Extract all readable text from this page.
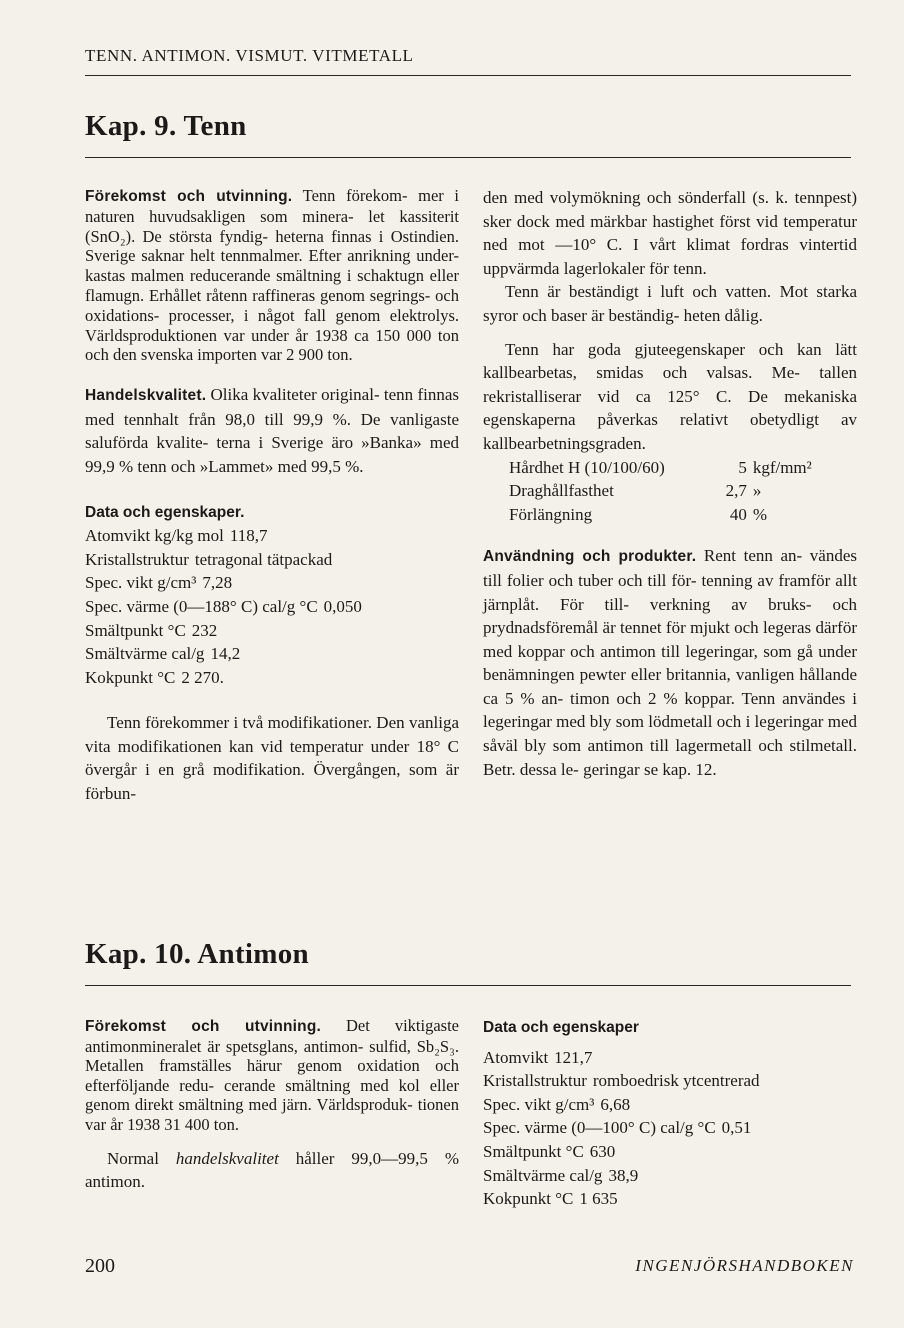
TENN. ANTIMON. VISMUT. VITMETALL
Kap. 9. Tenn

Förekomst och utvinning. Tenn förekom- mer i naturen huvudsakligen som minera- let kassiterit (SnO₂). De största fyndig- heterna finnas i Ostindien. Sverige saknar helt tennmalmer. Efter anrikning under- kastas malmen reducerande smältning i schaktugn eller flamugn. Erhållet råtenn raffineras genom segrings- och oxidations- processer, i något fall genom elektrolys. Världsproduktionen var under år 1938 ca 150 000 ton och den svenska importen var 2 900 ton.

Handelskvalitet. Olika kvaliteter original- tenn finnas med tennhalt från 98,0 till 99,9 %. De vanligaste saluförda kvalite- terna i Sverige äro »Banka» med 99,9 % tenn och »Lammet» med 99,5 %.

Data och egenskaper.

Atomvikt kg/kg mol 118,7

Kristallstruktur tetragonal tätpackad

Spec. vikt g/cm³ 7,28

Spec. värme (0—188° C) cal/g °C 0,050

Smältpunkt °C 232

Smältvärme cal/g 14,2

Kokpunkt °C 2 270.

Tenn förekommer i två modifikationer. Den vanliga vita modifikationen kan vid temperatur under 18° C övergår i en grå modifikation. Övergången, som är förbun-

den med volymökning och sönderfall (s. k. tennpest) sker dock med märkbar hastighet först vid temperatur ned mot —10° C. I vårt klimat fordras vintertid uppvärmda lagerlokaler för tenn.

Tenn är beständigt i luft och vatten. Mot starka syror och baser är beständig- heten dålig.

Tenn har goda gjuteegenskaper och kan lätt kallbearbetas, smidas och valsas. Me- tallen rekristalliserar vid ca 125° C. De mekaniska egenskaperna påverkas relativt obetydligt av kallbearbetningsgraden.

Hårdhet H (10/100/60)	5	kgf/mm²
Draghållfasthet	2,7	»
Förlängning	40	%

Användning och produkter. Rent tenn an- vändes till folier och tuber och till för- tenning av framför allt järnplåt. För till- verkning av bruks- och prydnadsföremål är tennet för mjukt och legeras därför med koppar och antimon till legeringar, som gå under benämningen pewter eller britannia, vanligen hållande ca 5 % an- timon och 2 % koppar. Tenn användes i legeringar med bly som lödmetall och i legeringar med såväl bly som antimon till lagermetall och stilmetall. Betr. dessa le- geringar se kap. 12.

Kap. 10. Antimon

Förekomst och utvinning. Det viktigaste antimonmineralet är spetsglans, antimon- sulfid, Sb₂S₃. Metallen framställes härur genom oxidation och efterföljande redu- cerande smältning med kol eller genom direkt smältning med järn. Världsproduk- tionen var år 1938 31 400 ton.

Normal handelskvalitet håller 99,0—99,5 % antimon.

Data och egenskaper

Atomvikt 121,7

Kristallstruktur romboedrisk ytcentrerad

Spec. vikt g/cm³ 6,68

Spec. värme (0—100° C) cal/g °C 0,51

Smältpunkt °C 630

Smältvärme cal/g 38,9

Kokpunkt °C 1 635

200	INGENJÖRSHANDBOKEN
